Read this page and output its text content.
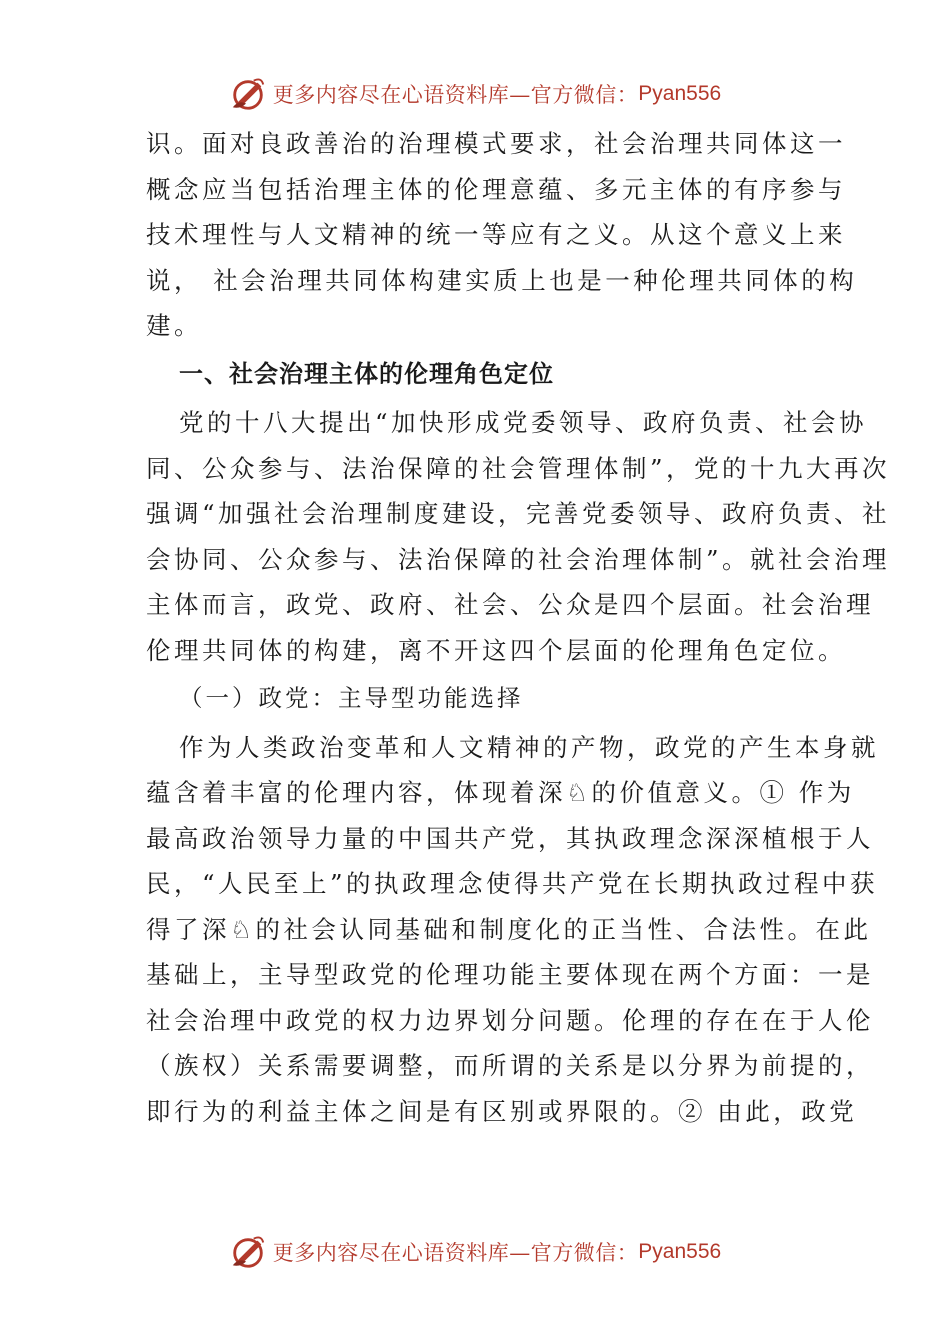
更多内容尽在心语资料库—官方微信： Pyan556

识。面对良政善治的治理模式要求，社会治理共同体这一
概念应当包括治理主体的伦理意蕴、多元主体的有序参与
技术理性与人文精神的统一等应有之义。从这个意义上来
说， 社会治理共同体构建实质上也是一种伦理共同体的构
建。

一、社会治理主体的伦理角色定位

党的十八大提出“加快形成党委领导、政府负责、社会协
同、公众参与、法治保障的社会管理体制”，党的十九大再次
强调“加强社会治理制度建设，完善党委领导、政府负责、社
会协同、公众参与、法治保障的社会治理体制”。就社会治理
主体而言，政党、政府、社会、公众是四个层面。社会治理
伦理共同体的构建，离不开这四个层面的伦理角色定位。

（一）政党：主导型功能选择

作为人类政治变革和人文精神的产物，政党的产生本身就
蕴含着丰富的伦理内容，体现着深♘的价值意义。① 作为
最高政治领导力量的中国共产党，其执政理念深深植根于人
民，“人民至上”的执政理念使得共产党在长期执政过程中获
得了深♘的社会认同基础和制度化的正当性、合法性。在此
基础上，主导型政党的伦理功能主要体现在两个方面：一是
社会治理中政党的权力边界划分问题。伦理的存在在于人伦
（族权）关系需要调整，而所谓的关系是以分界为前提的，
即行为的利益主体之间是有区别或界限的。② 由此，政党

更多内容尽在心语资料库—官方微信： Pyan556
